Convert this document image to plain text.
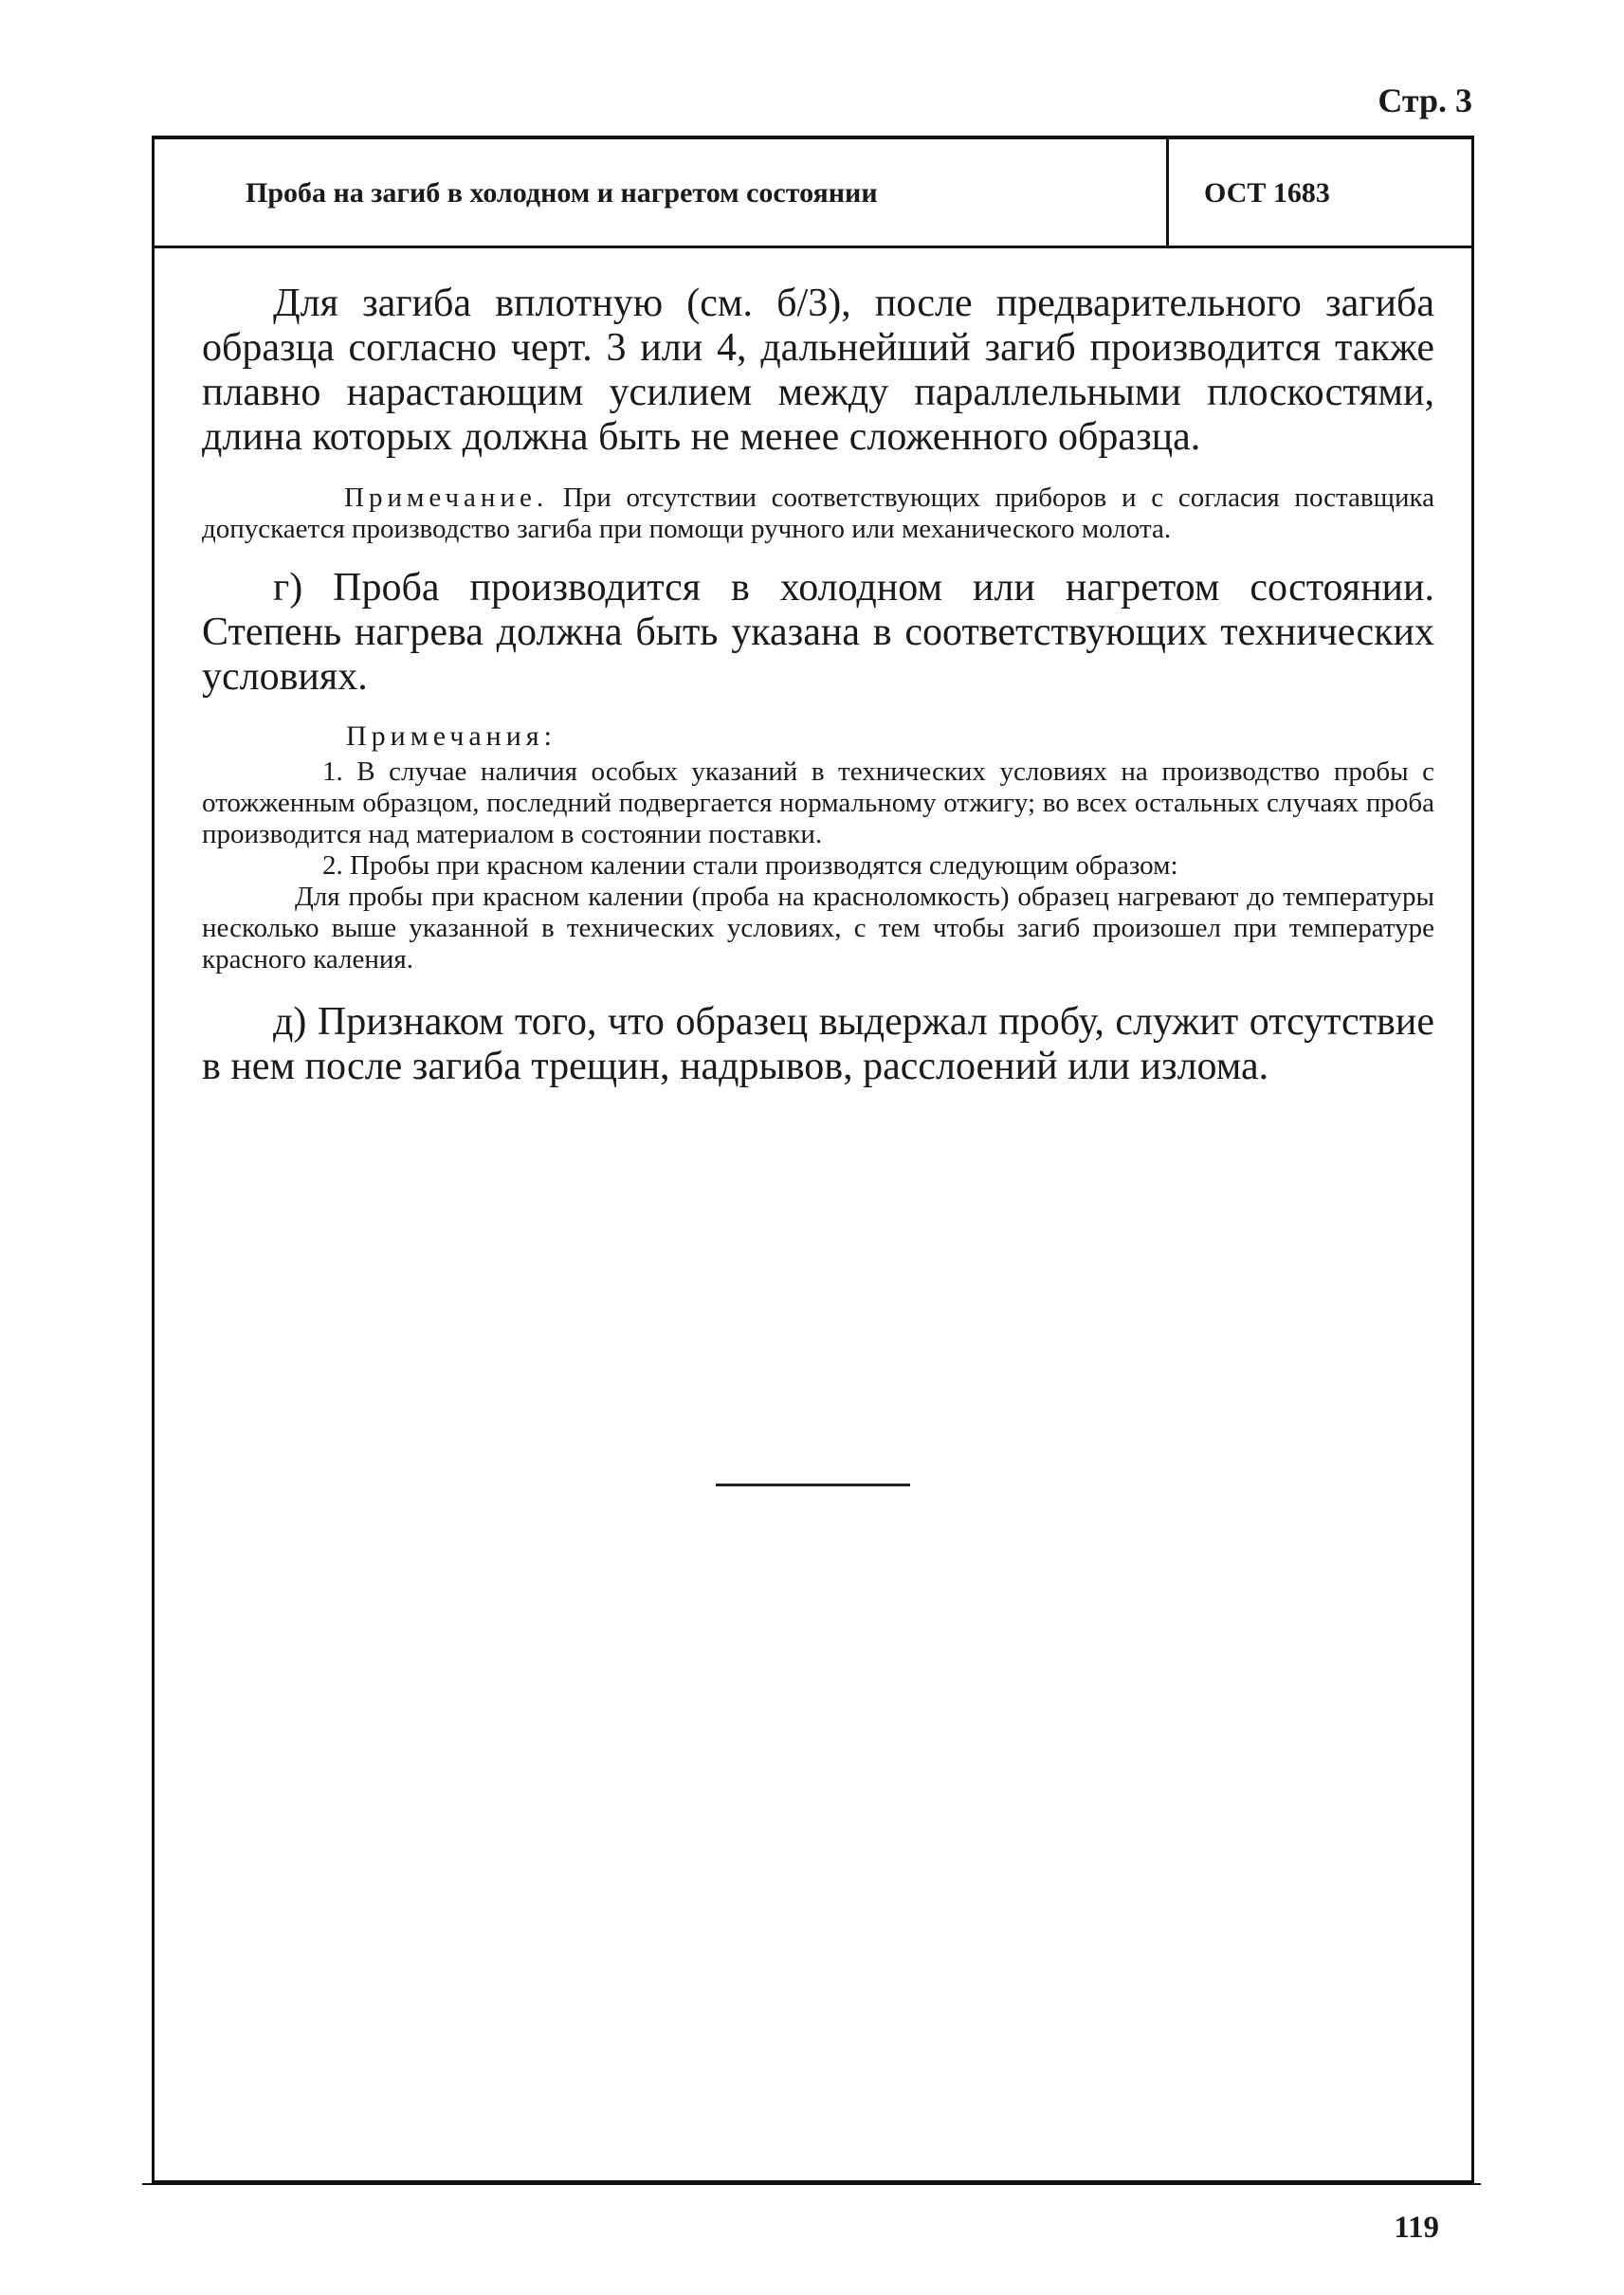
Стр. 3
Проба на загиб в холодном и нагретом состоянии	ОСТ 1683

Для загиба вплотную (см. б/3), после предварительного загиба образца согласно черт. 3 или 4, дальнейший загиб производится также плавно нарастающим усилием между параллельными плоскостями, длина которых должна быть не менее сложенного образца.

Примечание. При отсутствии соответствующих приборов и с согласия поставщика допускается производство загиба при помощи ручного или механического молота.

г) Проба производится в холодном или нагретом состоянии. Степень нагрева должна быть указана в соответствующих технических условиях.

Примечания:

1. В случае наличия особых указаний в технических условиях на производство пробы с отожженным образцом, последний подвергается нормальному отжигу; во всех остальных случаях проба производится над материалом в состоянии поставки.

2. Пробы при красном калении стали производятся следующим образом:

Для пробы при красном калении (проба на красноломкость) образец нагревают до температуры несколько выше указанной в технических условиях, с тем чтобы загиб произошел при температуре красного каления.

д) Признаком того, что образец выдержал пробу, служит отсутствие в нем после загиба трещин, надрывов, расслоений или излома.

119
